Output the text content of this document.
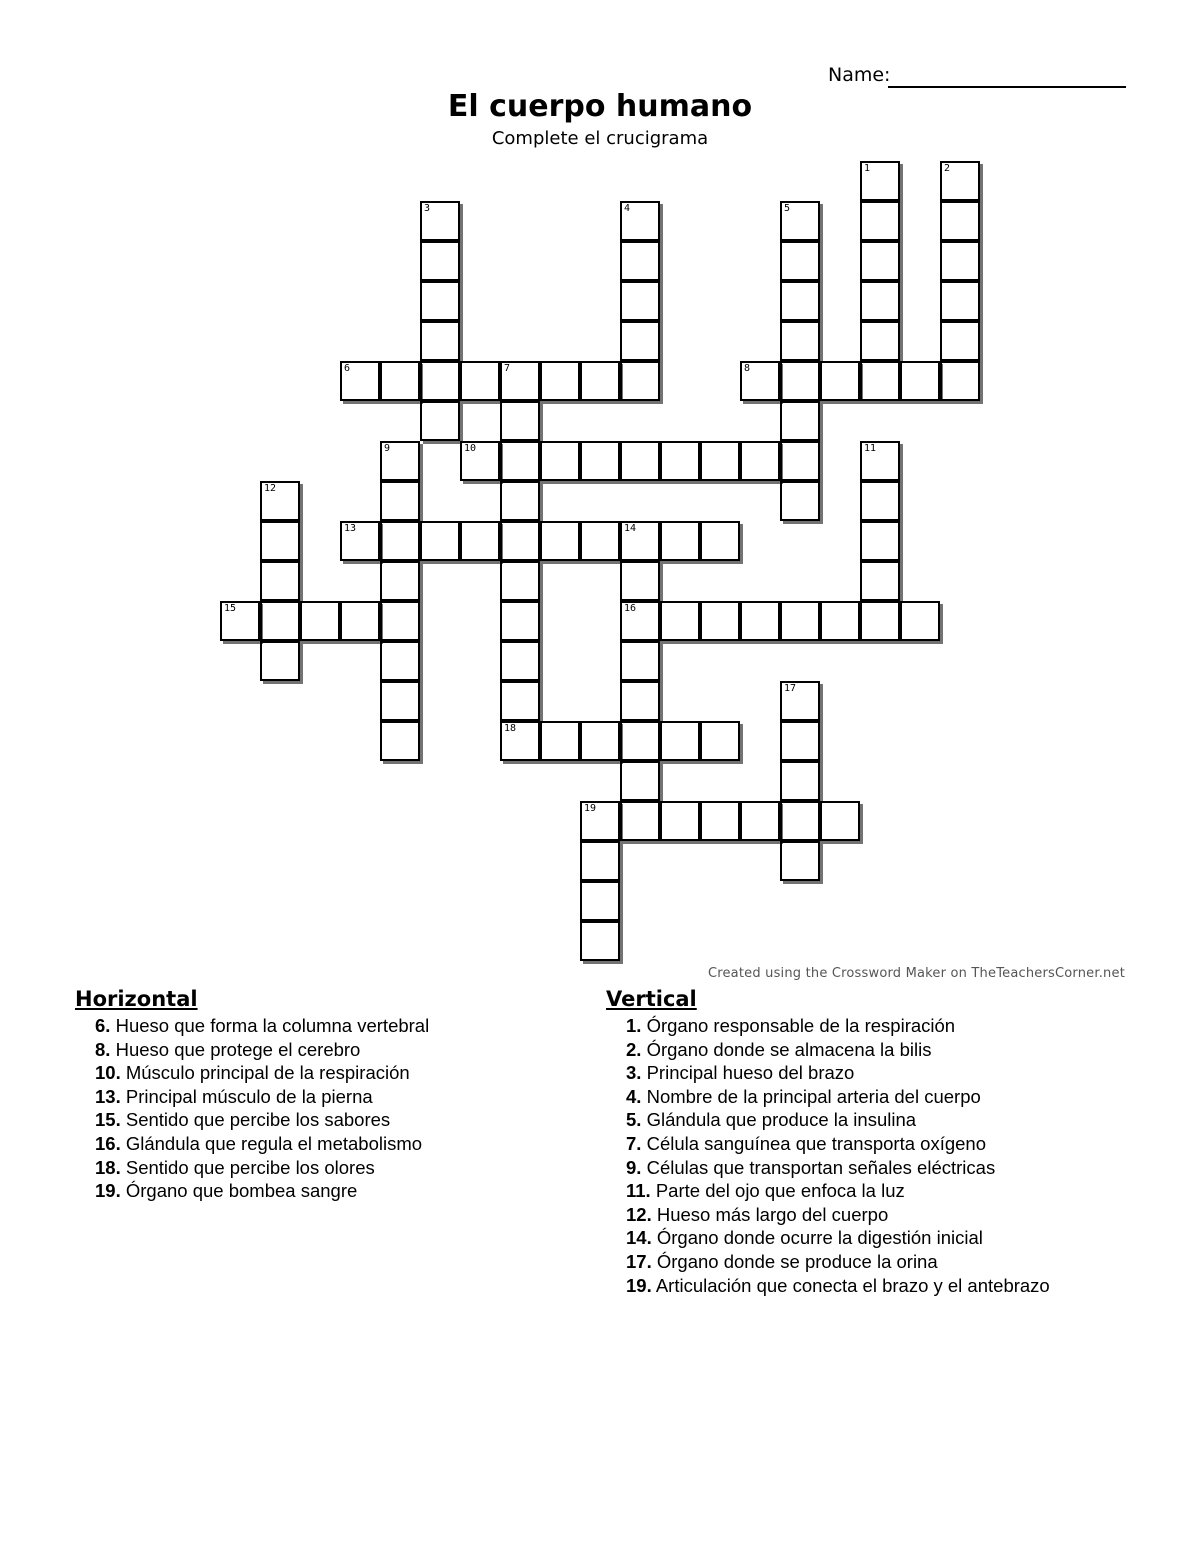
Name:
El cuerpo humano
Complete el crucigrama
1	2
3	4	5
6	7
18
8
9	10	11
12
13	14
16
15
17
19
Created using the Crossword Maker on TheTeachersCorner.net
Horizontal
6. Hueso que forma la columna vertebral
8. Hueso que protege el cerebro
10. Músculo principal de la respiración
13. Principal músculo de la pierna
15. Sentido que percibe los sabores
16. Glándula que regula el metabolismo
18. Sentido que percibe los olores
19. Órgano que bombea sangre
Vertical
1. Órgano responsable de la respiración
2. Órgano donde se almacena la bilis
3. Principal hueso del brazo
4. Nombre de la principal arteria del cuerpo
5. Glándula que produce la insulina
7. Célula sanguínea que transporta oxígeno
9. Células que transportan señales eléctricas
11. Parte del ojo que enfoca la luz
12. Hueso más largo del cuerpo
14. Órgano donde ocurre la digestión inicial
17. Órgano donde se produce la orina
19. Articulación que conecta el brazo y el antebrazo
